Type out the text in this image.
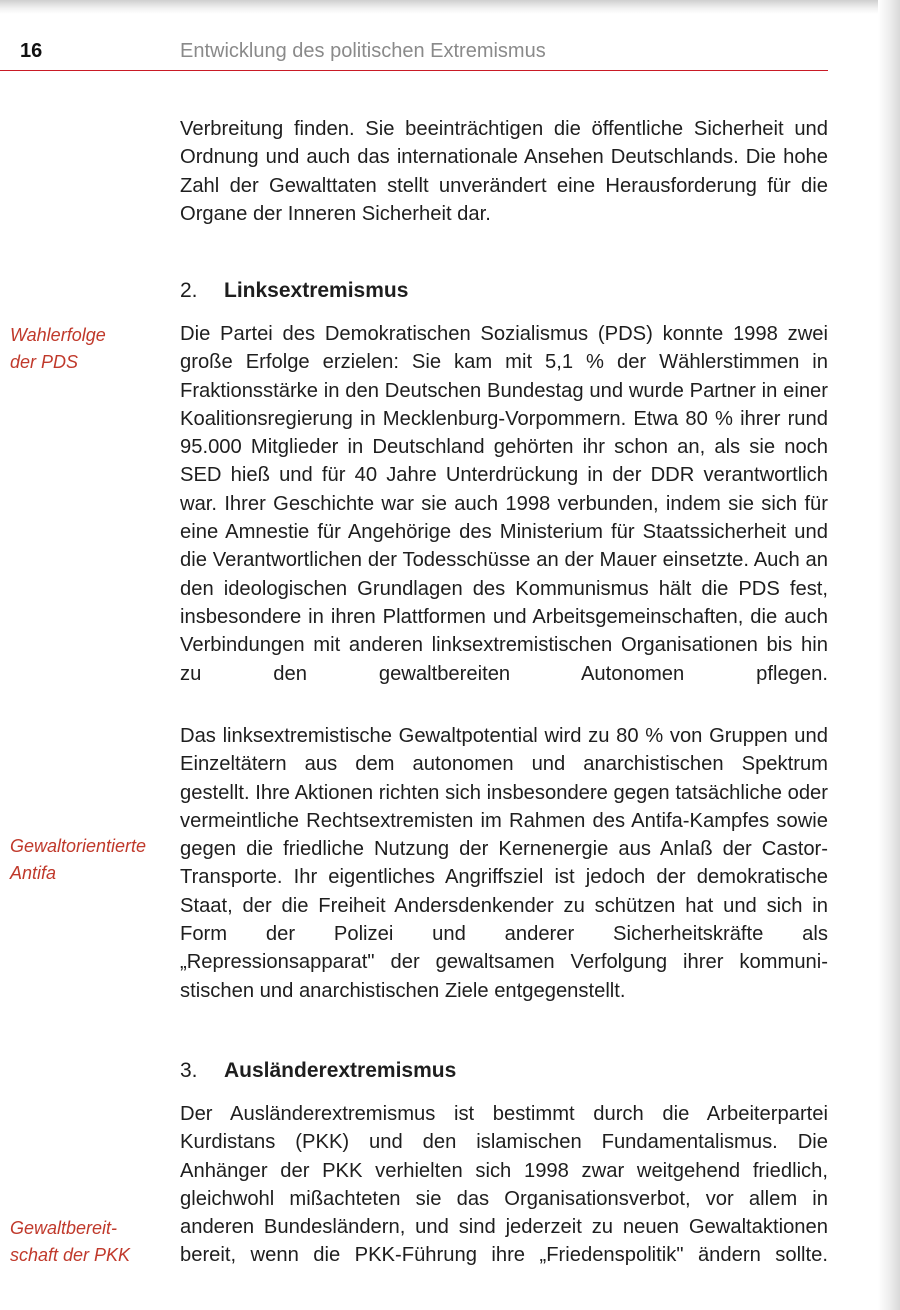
16	Entwicklung des politischen Extremismus

Verbreitung finden. Sie beeinträchtigen die öffentliche Sicherheit und Ordnung und auch das internationale Ansehen Deutschlands. Die hohe Zahl der Gewalttaten stellt unverändert eine Herausforderung für die Organe der Inneren Sicherheit dar.

2. Linksextremismus
Wahlerfolge
der PDS

Die Partei des Demokratischen Sozialismus (PDS) konnte 1998 zwei große Erfolge erzielen: Sie kam mit 5,1 % der Wählerstimmen in Fraktionsstärke in den Deutschen Bundestag und wurde Partner in einer Koalitionsregierung in Mecklenburg-Vorpommern. Etwa 80 % ihrer rund 95.000 Mitglieder in Deutschland gehörten ihr schon an, als sie noch SED hieß und für 40 Jahre Unterdrückung in der DDR verantwortlich war. Ihrer Geschichte war sie auch 1998 verbunden, indem sie sich für eine Amnestie für Angehörige des Ministerium für Staatssicherheit und die Verantwortlichen der Todesschüsse an der Mauer einsetzte. Auch an den ideologischen Grundlagen des Kommunismus hält die PDS fest, insbesondere in ihren Plattformen und Arbeitsgemeinschaften, die auch Verbindungen mit anderen linksextremistischen Organisationen bis hin zu den gewaltbereiten Autonomen pflegen.

Das linksextremistische Gewaltpotential wird zu 80 % von Gruppen und Einzeltätern aus dem autonomen und anarchistischen Spektrum gestellt. Ihre Aktionen richten sich insbesondere gegen tatsächliche oder vermeintliche Rechtsextremisten im Rahmen des Antifa-Kampfes sowie gegen die friedliche Nutzung der Kernenergie aus Anlaß der Castor-Transporte. Ihr eigentliches Angriffsziel ist jedoch der demokratische Staat, der die Freiheit Andersdenkender zu schützen hat und sich in Form der Polizei und anderer Sicherheitskräfte als „Repressionsapparat" der gewaltsamen Verfolgung ihrer kommunistischen und anarchistischen Ziele entgegenstellt.

Gewaltorientierte
Antifa
3. Ausländerextremismus

Der Ausländerextremismus ist bestimmt durch die Arbeiterpartei Kurdistans (PKK) und den islamischen Fundamentalismus. Die Anhänger der PKK verhielten sich 1998 zwar weitgehend friedlich, gleichwohl mißachteten sie das Organisationsverbot, vor allem in anderen Bundesländern, und sind jederzeit zu neuen Gewaltaktionen bereit, wenn die PKK-Führung ihre „Friedenspolitik" ändern sollte.

Gewaltbereit-
schaft der PKK
